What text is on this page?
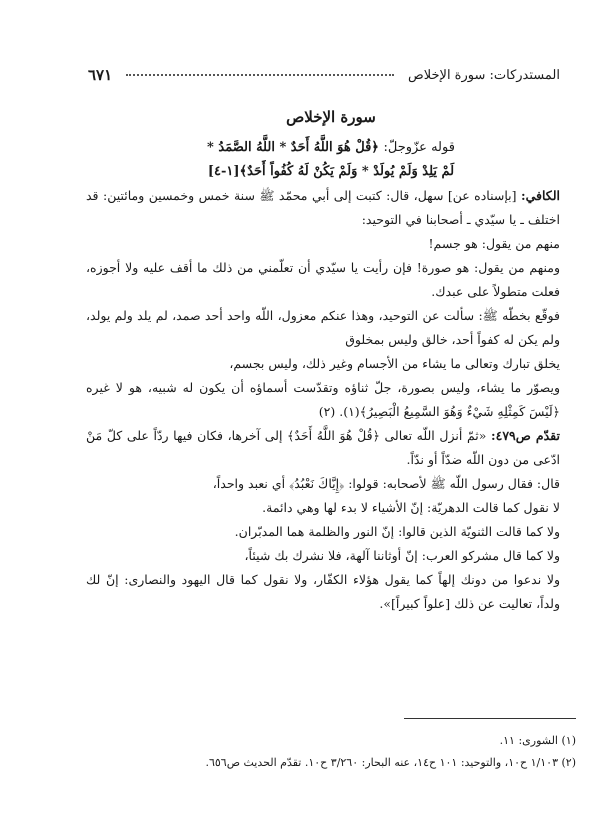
٦٧١	المستدركات: سورة الإخلاص
سورة الإخلاص
قوله عزّوجلّ: ﴿قُلْ هُوَ اللَّهُ أَحَدٌ * اللَّهُ الصَّمَدُ *
لَمْ يَلِدْ وَلَمْ يُولَدْ * وَلَمْ يَكُنْ لَهُ كُفُواً أَحَدٌ﴾[١-٤]

الكافي: [بإسناده عن] سهل، قال: كتبت إلى أبي محمّد ﷺ سنة خمس وخمسين ومائتين: قد اختلف ـ يا سيّدي ـ أصحابنا في التوحيد:

منهم من يقول: هو جسم!

ومنهم من يقول: هو صورة! فإن رأيت يا سيّدي أن تعلّمني من ذلك ما أقف عليه ولا أجوزه، فعلت متطولاً على عبدك.

فوقّع بخطّه ﷺ: سألت عن التوحيد، وهذا عنكم معزول، اللّه واحد أحد صمد، لم يلد ولم يولد، ولم يكن له كفواً أحد، خالق وليس بمخلوق

يخلق تبارك وتعالى ما يشاء من الأجسام وغير ذلك، وليس بجسم،

ويصوّر ما يشاء، وليس بصورة، جلّ ثناؤه وتقدّست أسماؤه أن يكون له شبيه، هو لا غيره ﴿لَيْسَ كَمِثْلِهِ شَيْءٌ وَهُوَ السَّمِيعُ الْبَصِيرُ﴾(١). (٢)

تقدّم ص٤٧٩: «ثمّ أنزل اللّه تعالى ﴿قُلْ هُوَ اللَّهُ أَحَدٌ﴾ إلى آخرها، فكان فيها ردّاً على كلّ مَنْ ادّعى من دون اللّه ضدّاً أو ندّاً.

قال: فقال رسول اللّه ﷺ لأصحابه: قولوا: ﴿إِيَّاكَ نَعْبُدُ﴾ أي نعبد واحداً،

لا نقول كما قالت الدهريّة: إنّ الأشياء لا بدء لها وهي دائمة.

ولا كما قالت الثنويّة الذين قالوا: إنّ النور والظلمة هما المدبّران.

ولا كما قال مشركو العرب: إنّ أوثاننا آلهة، فلا نشرك بك شيئاً،

ولا ندعوا من دونك إلهاً كما يقول هؤلاء الكفّار، ولا نقول كما قال اليهود والنصارى: إنّ لك ولداً، تعاليت عن ذلك [علواً كبيراً]».

(١) الشورى: ١١.

(٢) ١/١٠٣ ح١٠، والتوحيد: ١٠١ ح١٤، عنه البحار: ٣/٢٦٠ ح١٠. تقدّم الحديث ص٦٥٦.
